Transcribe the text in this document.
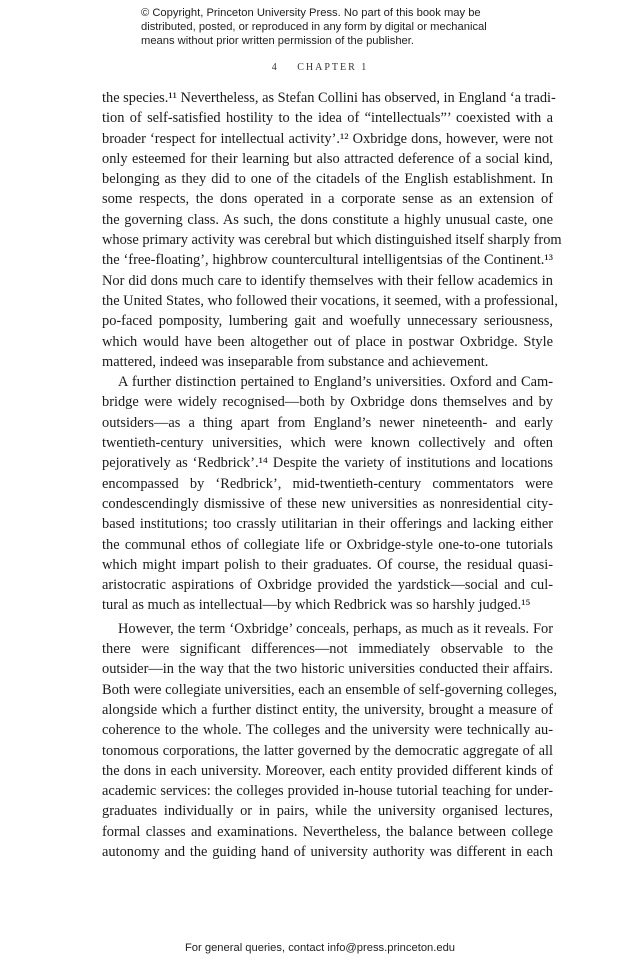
© Copyright, Princeton University Press. No part of this book may be
distributed, posted, or reproduced in any form by digital or mechanical
means without prior written permission of the publisher.
4 CHAPTER 1
the species.¹¹ Nevertheless, as Stefan Collini has observed, in England ‘a tradi-
tion of self-satisfied hostility to the idea of “intellectuals”’ coexisted with a
broader ‘respect for intellectual activity’.¹² Oxbridge dons, however, were not
only esteemed for their learning but also attracted deference of a social kind,
belonging as they did to one of the citadels of the English establishment. In
some respects, the dons operated in a corporate sense as an extension of
the governing class. As such, the dons constitute a highly unusual caste, one
whose primary activity was cerebral but which distinguished itself sharply from
the ‘free-floating’, highbrow countercultural intelligentsias of the Continent.¹³
Nor did dons much care to identify themselves with their fellow academics in
the United States, who followed their vocations, it seemed, with a professional,
po-faced pomposity, lumbering gait and woefully unnecessary seriousness,
which would have been altogether out of place in postwar Oxbridge. Style
mattered, indeed was inseparable from substance and achievement.
A further distinction pertained to England’s universities. Oxford and Cam-
bridge were widely recognised—both by Oxbridge dons themselves and by
outsiders—as a thing apart from England’s newer nineteenth- and early
twentieth-century universities, which were known collectively and often
pejoratively as ‘Redbrick’.¹⁴ Despite the variety of institutions and locations
encompassed by ‘Redbrick’, mid-twentieth-century commentators were
condescendingly dismissive of these new universities as nonresidential city-
based institutions; too crassly utilitarian in their offerings and lacking either
the communal ethos of collegiate life or Oxbridge-style one-to-one tutorials
which might impart polish to their graduates. Of course, the residual quasi-
aristocratic aspirations of Oxbridge provided the yardstick—social and cul-
tural as much as intellectual—by which Redbrick was so harshly judged.¹⁵
However, the term ‘Oxbridge’ conceals, perhaps, as much as it reveals. For
there were significant differences—not immediately observable to the
outsider—in the way that the two historic universities conducted their affairs.
Both were collegiate universities, each an ensemble of self-governing colleges,
alongside which a further distinct entity, the university, brought a measure of
coherence to the whole. The colleges and the university were technically au-
tonomous corporations, the latter governed by the democratic aggregate of all
the dons in each university. Moreover, each entity provided different kinds of
academic services: the colleges provided in-house tutorial teaching for under-
graduates individually or in pairs, while the university organised lectures,
formal classes and examinations. Nevertheless, the balance between college
autonomy and the guiding hand of university authority was different in each
For general queries, contact info@press.princeton.edu
